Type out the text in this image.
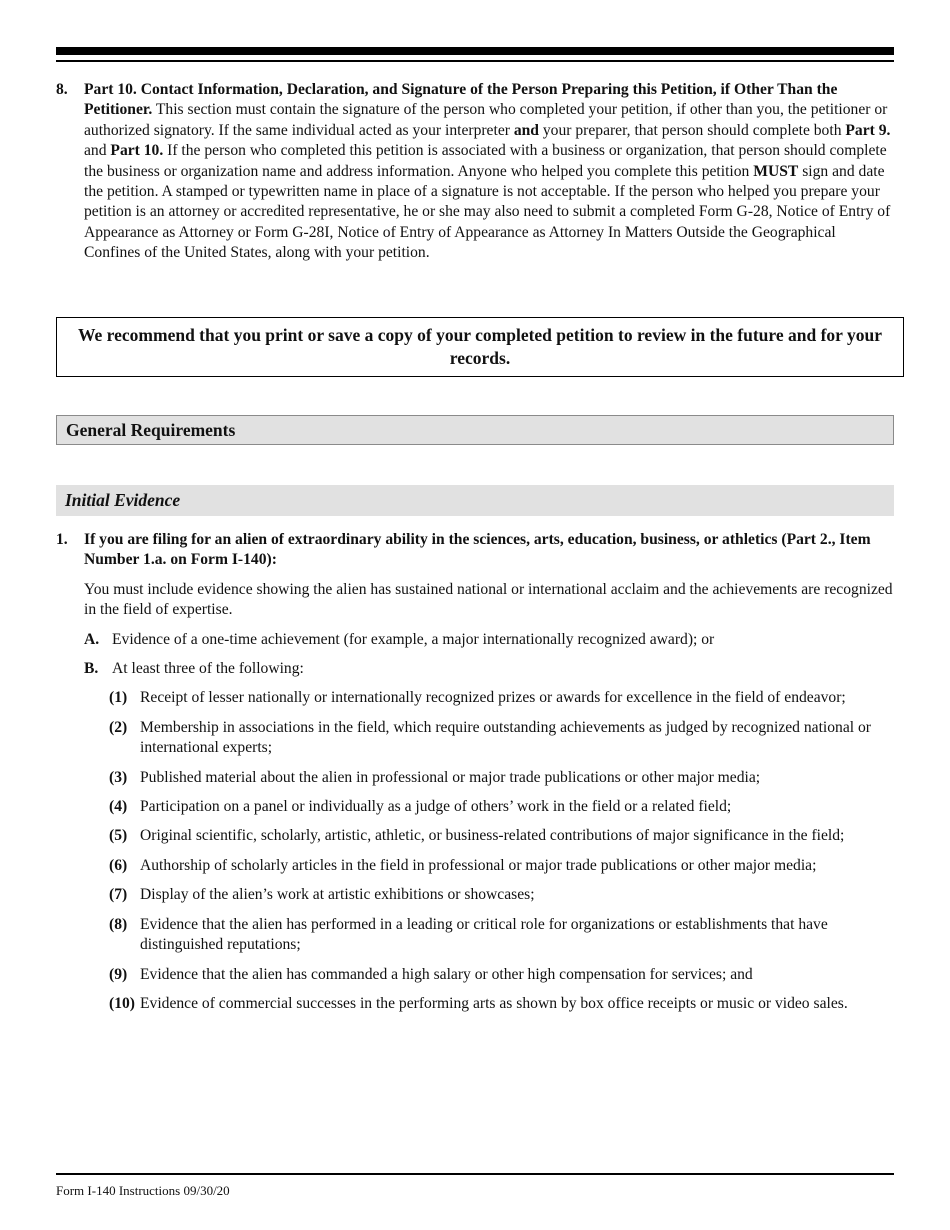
8. Part 10. Contact Information, Declaration, and Signature of the Person Preparing this Petition, if Other Than the Petitioner. This section must contain the signature of the person who completed your petition, if other than you, the petitioner or authorized signatory. If the same individual acted as your interpreter and your preparer, that person should complete both Part 9. and Part 10. If the person who completed this petition is associated with a business or organization, that person should complete the business or organization name and address information. Anyone who helped you complete this petition MUST sign and date the petition. A stamped or typewritten name in place of a signature is not acceptable. If the person who helped you prepare your petition is an attorney or accredited representative, he or she may also need to submit a completed Form G-28, Notice of Entry of Appearance as Attorney or Form G-28I, Notice of Entry of Appearance as Attorney In Matters Outside the Geographical Confines of the United States, along with your petition.
We recommend that you print or save a copy of your completed petition to review in the future and for your records.
General Requirements
Initial Evidence
1. If you are filing for an alien of extraordinary ability in the sciences, arts, education, business, or athletics (Part 2., Item Number 1.a. on Form I-140):
You must include evidence showing the alien has sustained national or international acclaim and the achievements are recognized in the field of expertise.
A. Evidence of a one-time achievement (for example, a major internationally recognized award); or
B. At least three of the following:
(1) Receipt of lesser nationally or internationally recognized prizes or awards for excellence in the field of endeavor;
(2) Membership in associations in the field, which require outstanding achievements as judged by recognized national or international experts;
(3) Published material about the alien in professional or major trade publications or other major media;
(4) Participation on a panel or individually as a judge of others’ work in the field or a related field;
(5) Original scientific, scholarly, artistic, athletic, or business-related contributions of major significance in the field;
(6) Authorship of scholarly articles in the field in professional or major trade publications or other major media;
(7) Display of the alien’s work at artistic exhibitions or showcases;
(8) Evidence that the alien has performed in a leading or critical role for organizations or establishments that have distinguished reputations;
(9) Evidence that the alien has commanded a high salary or other high compensation for services; and
(10) Evidence of commercial successes in the performing arts as shown by box office receipts or music or video sales.
Form I-140 Instructions 09/30/20
